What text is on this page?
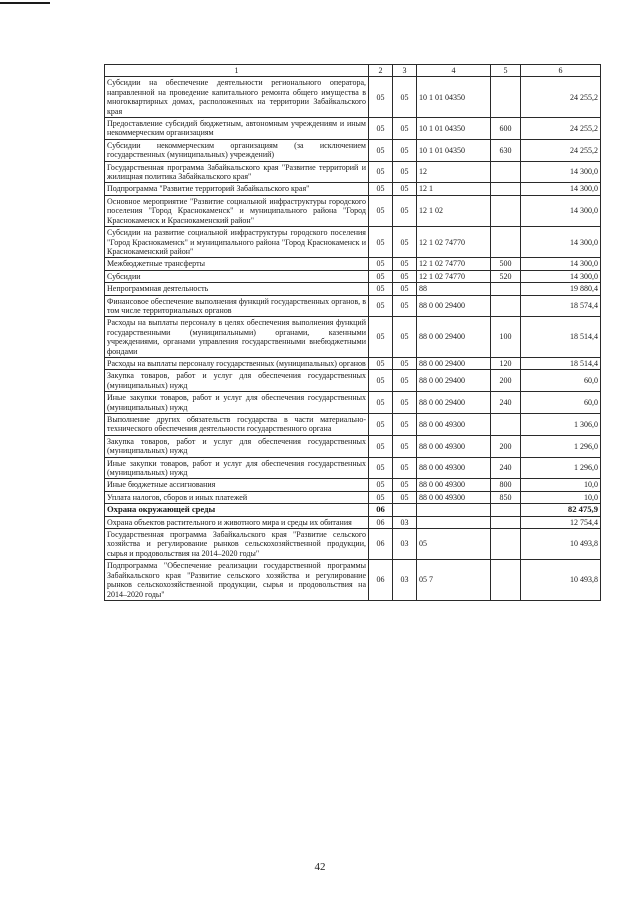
1	2	3	4	5	6
Субсидии на обеспечение деятельности регионального оператора, направленной на проведение капитального ремонта общего имущества в многоквартирных домах, расположенных на территории Забайкальского края	05	05	10 1 01 04350		24 255,2
Предоставление субсидий бюджетным, автономным учреждениям и иным некоммерческим организациям	05	05	10 1 01 04350	600	24 255,2
Субсидии некоммерческим организациям (за исключением государственных (муниципальных) учреждений)	05	05	10 1 01 04350	630	24 255,2
Государственная программа Забайкальского края "Развитие территорий и жилищная политика Забайкальского края"	05	05	12		14 300,0
Подпрограмма "Развитие территорий Забайкальского края"	05	05	12 1		14 300,0
Основное мероприятие "Развитие социальной инфраструктуры городского поселения "Город Краснокаменск" и муниципального района "Город Краснокаменск и Краснокаменский район"	05	05	12 1 02		14 300,0
Субсидии на развитие социальной инфраструктуры городского поселения "Город Краснокаменск" и муниципального района "Город Краснокаменск и Краснокаменский район"	05	05	12 1 02 74770		14 300,0
Межбюджетные трансферты	05	05	12 1 02 74770	500	14 300,0
Субсидии	05	05	12 1 02 74770	520	14 300,0
Непрограммная деятельность	05	05	88		19 880,4
Финансовое обеспечение выполнения функций государственных органов, в том числе территориальных органов	05	05	88 0 00 29400		18 574,4
Расходы на выплаты персоналу в целях обеспечения выполнения функций государственными (муниципальными) органами, казенными учреждениями, органами управления государственными внебюджетными фондами	05	05	88 0 00 29400	100	18 514,4
Расходы на выплаты персоналу государственных (муниципальных) органов	05	05	88 0 00 29400	120	18 514,4
Закупка товаров, работ и услуг для обеспечения государственных (муниципальных) нужд	05	05	88 0 00 29400	200	60,0
Иные закупки товаров, работ и услуг для обеспечения государственных (муниципальных) нужд	05	05	88 0 00 29400	240	60,0
Выполнение других обязательств государства в части материально-технического обеспечения деятельности государственного органа	05	05	88 0 00 49300		1 306,0
Закупка товаров, работ и услуг для обеспечения государственных (муниципальных) нужд	05	05	88 0 00 49300	200	1 296,0
Иные закупки товаров, работ и услуг для обеспечения государственных (муниципальных) нужд	05	05	88 0 00 49300	240	1 296,0
Иные бюджетные ассигнования	05	05	88 0 00 49300	800	10,0
Уплата налогов, сборов и иных платежей	05	05	88 0 00 49300	850	10,0
Охрана окружающей среды	06				82 475,9
Охрана объектов растительного и животного мира и среды их обитания	06	03			12 754,4
Государственная программа Забайкальского края "Развитие сельского хозяйства и регулирование рынков сельскохозяйственной продукции, сырья и продовольствия на 2014–2020 годы"	06	03	05		10 493,8
Подпрограмма "Обеспечение реализации государственной программы Забайкальского края "Развитие сельского хозяйства и регулирование рынков сельскохозяйственной продукции, сырья и продовольствия на 2014–2020 годы"	06	03	05 7		10 493,8
42
